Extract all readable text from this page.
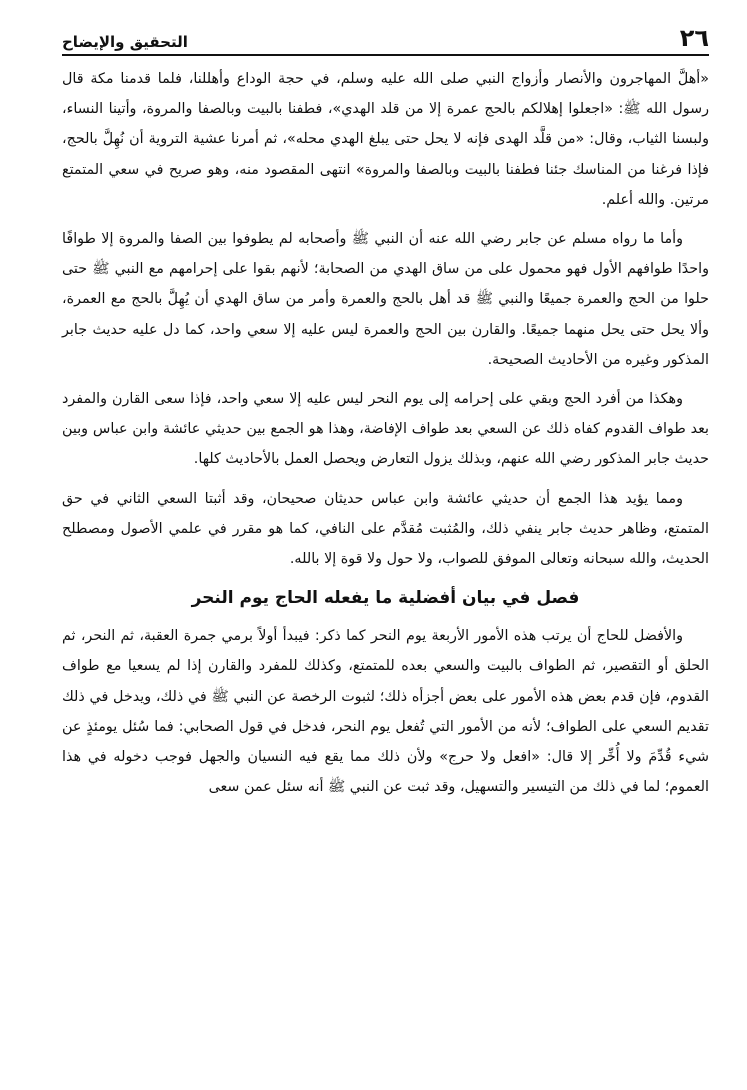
٢٦
التحقيق والإيضاح

«أهلَّ المهاجرون والأنصار وأزواج النبي صلى الله عليه وسلم، في حجة الوداع وأهللنا، فلما قدمنا مكة قال رسول الله ﷺ: «اجعلوا إهلالكم بالحج عمرة إلا من قلد الهدي»، فطفنا بالبيت وبالصفا والمروة، وأتينا النساء، ولبسنا الثياب، وقال: «من قلَّد الهدى فإنه لا يحل حتى يبلغ الهدي محله»، ثم أمرنا عشية التروية أن نُهِلَّ بالحج، فإذا فرغنا من المناسك جئنا فطفنا بالبيت وبالصفا والمروة» انتهى المقصود منه، وهو صريح في سعي المتمتع مرتين. والله أعلم.

وأما ما رواه مسلم عن جابر رضي الله عنه أن النبي ﷺ وأصحابه لم يطوفوا بين الصفا والمروة إلا طوافًا واحدًا طوافهم الأول فهو محمول على من ساق الهدي من الصحابة؛ لأنهم بقوا على إحرامهم مع النبي ﷺ حتى حلوا من الحج والعمرة جميعًا والنبي ﷺ قد أهل بالحج والعمرة وأمر من ساق الهدي أن يُهِلَّ بالحج مع العمرة، وألا يحل حتى يحل منهما جميعًا. والقارن بين الحج والعمرة ليس عليه إلا سعي واحد، كما دل عليه حديث جابر المذكور وغيره من الأحاديث الصحيحة.

وهكذا من أفرد الحج وبقي على إحرامه إلى يوم النحر ليس عليه إلا سعي واحد، فإذا سعى القارن والمفرد بعد طواف القدوم كفاه ذلك عن السعي بعد طواف الإفاضة، وهذا هو الجمع بين حديثي عائشة وابن عباس وبين حديث جابر المذكور رضي الله عنهم، وبذلك يزول التعارض ويحصل العمل بالأحاديث كلها.

ومما يؤيد هذا الجمع أن حديثي عائشة وابن عباس حديثان صحيحان، وقد أثبتا السعي الثاني في حق المتمتع، وظاهر حديث جابر ينفي ذلك، والمُثبت مُقدَّم على النافي، كما هو مقرر في علمي الأصول ومصطلح الحديث، والله سبحانه وتعالى الموفق للصواب، ولا حول ولا قوة إلا بالله.

فصل في بيان أفضلية ما يفعله الحاج يوم النحر

والأفضل للحاج أن يرتب هذه الأمور الأربعة يوم النحر كما ذكر: فيبدأ أولاً برمي جمرة العقبة، ثم النحر، ثم الحلق أو التقصير، ثم الطواف بالبيت والسعي بعده للمتمتع، وكذلك للمفرد والقارن إذا لم يسعيا مع طواف القدوم، فإن قدم بعض هذه الأمور على بعض أجزأه ذلك؛ لثبوت الرخصة عن النبي ﷺ في ذلك، ويدخل في ذلك تقديم السعي على الطواف؛ لأنه من الأمور التي تُفعل يوم النحر، فدخل في قول الصحابي: فما سُئل يومئذٍ عن شيء قُدِّمَ ولا أُخِّر إلا قال: «افعل ولا حرج» ولأن ذلك مما يقع فيه النسيان والجهل فوجب دخوله في هذا العموم؛ لما في ذلك من التيسير والتسهيل، وقد ثبت عن النبي ﷺ أنه سئل عمن سعى
